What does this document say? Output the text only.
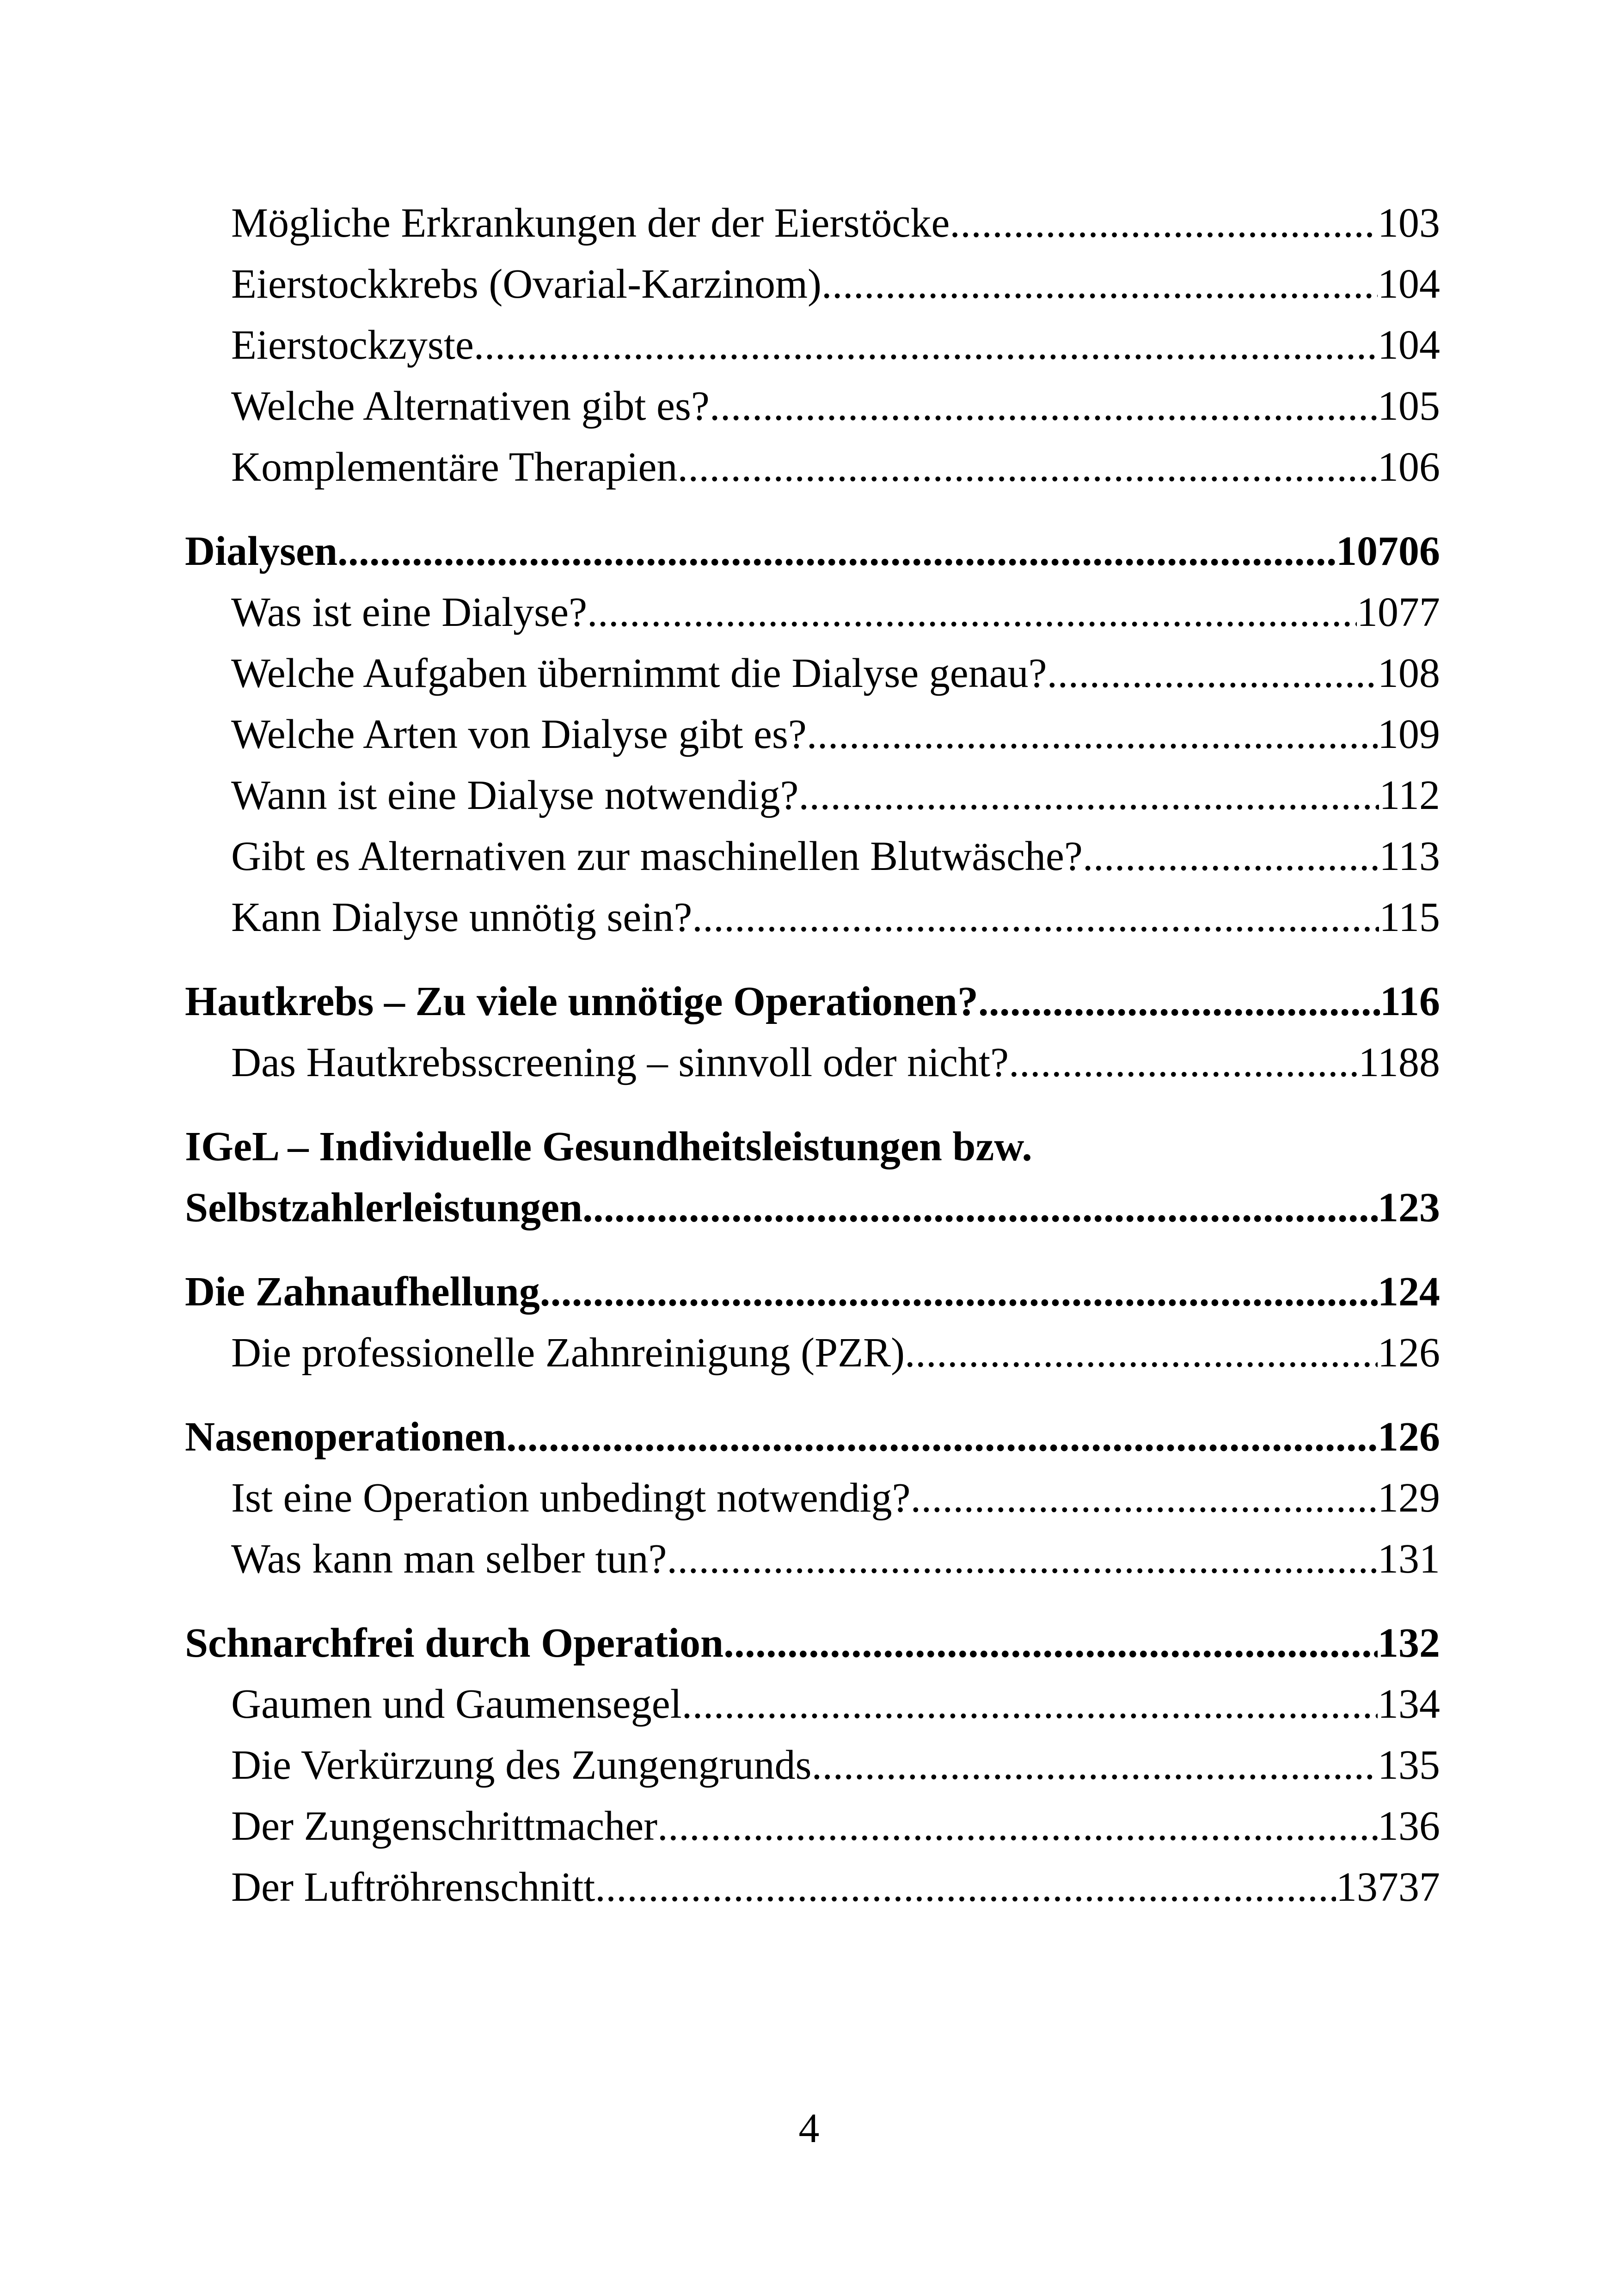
Mögliche Erkrankungen der der Eierstöcke .....	103
Eierstockkrebs (Ovarial-Karzinom) .....	104
Eierstockzyste .....	104
Welche Alternativen gibt es? .....	105
Komplementäre Therapien .....	106
Dialysen .....	10706
Was ist eine Dialyse? .....	1077
Welche Aufgaben übernimmt die Dialyse genau? .....	108
Welche Arten von Dialyse gibt es? .....	109
Wann ist eine Dialyse notwendig? .....	112
Gibt es Alternativen zur maschinellen Blutwäsche? .....	113
Kann Dialyse unnötig sein? .....	115
Hautkrebs – Zu viele unnötige Operationen? .....	116
Das Hautkrebsscreening – sinnvoll oder nicht? .....	1188
IGeL – Individuelle Gesundheitsleistungen bzw.
Selbstzahlerleistungen .....	123
Die Zahnaufhellung .....	124
Die professionelle Zahnreinigung (PZR) .....	126
Nasenoperationen .....	126
Ist eine Operation unbedingt notwendig? .....	129
Was kann man selber tun? .....	131
Schnarchfrei durch Operation .....	132
Gaumen und Gaumensegel .....	134
Die Verkürzung des Zungengrunds .....	135
Der Zungenschrittmacher .....	136
Der Luftröhrenschnitt .....	13737
4
